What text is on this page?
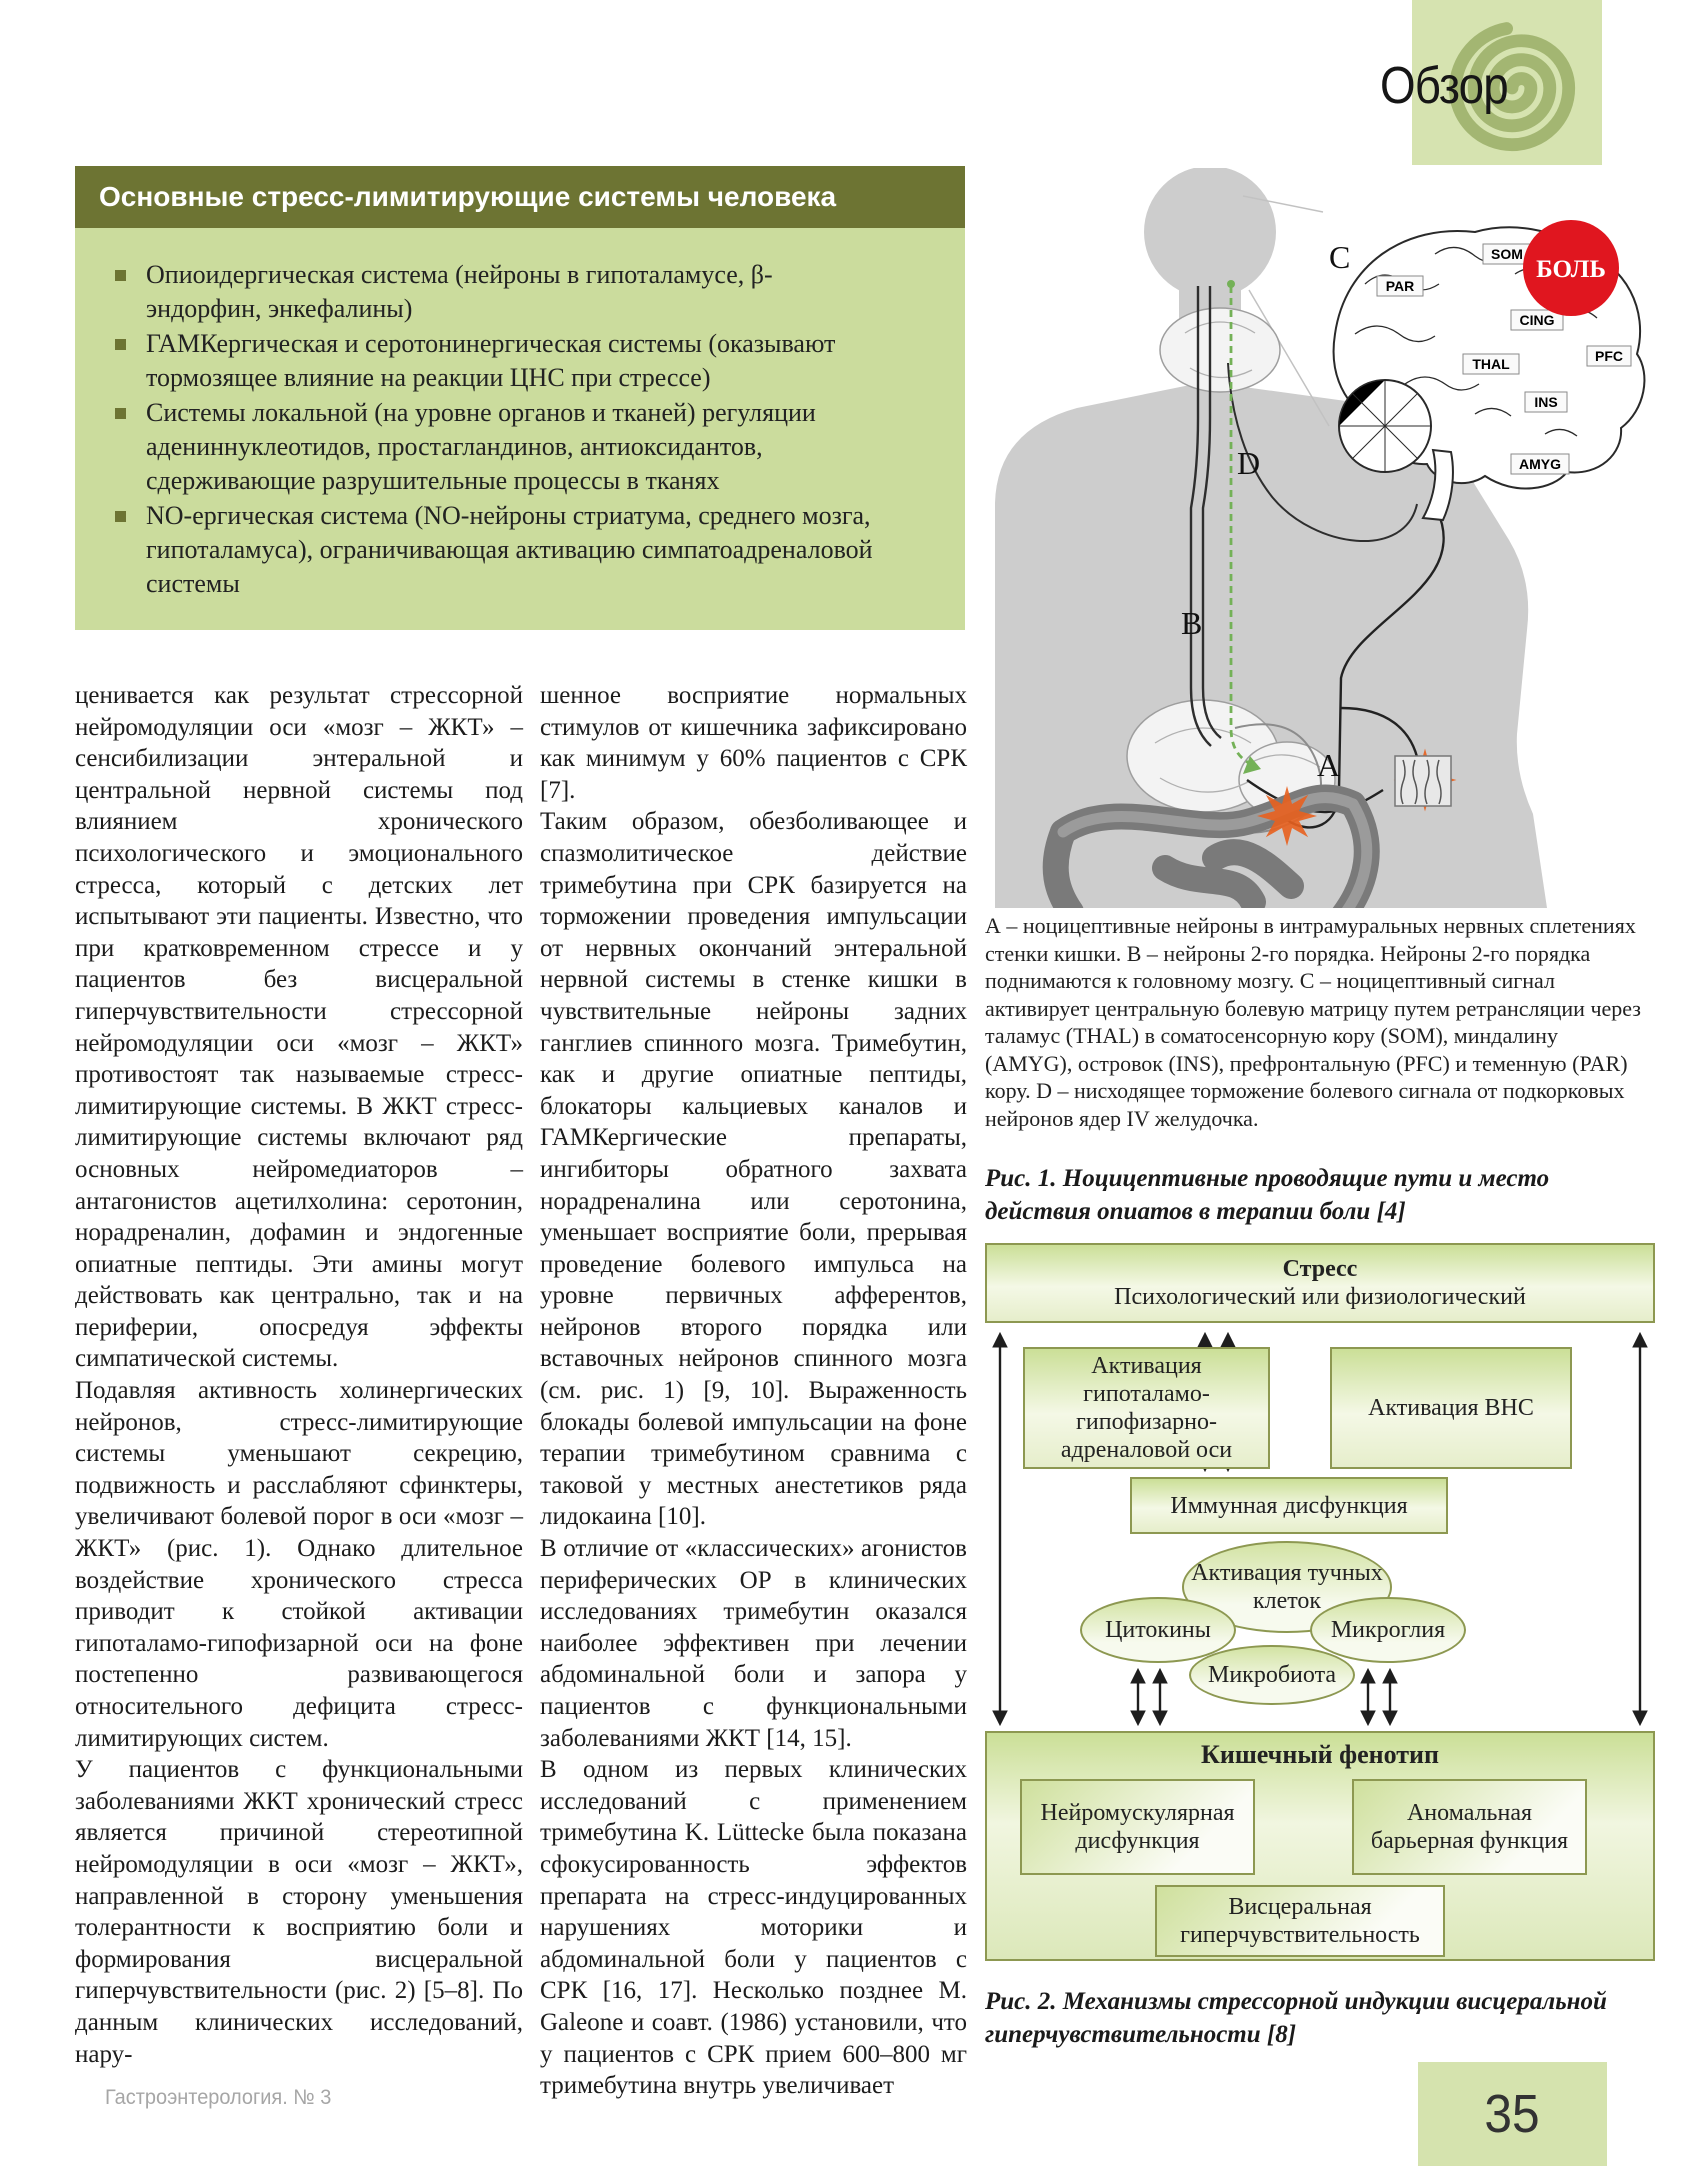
Обзор
Основные стресс-лимитирующие системы человека
Опиоидергическая система (нейроны в гипоталамусе, β-эндорфин, энкефалины)
ГАМКергическая и серотонинергическая системы (оказывают тормозящее влияние на реакции ЦНС при стрессе)
Системы локальной (на уровне органов и тканей) регуляции адениннуклеотидов, простагландинов, антиоксидантов, сдерживающие разрушительные процессы в тканях
NO-ергическая система (NO-нейроны стриатума, среднего мозга, гипоталамуса), ограничивающая активацию симпатоадреналовой системы

ценивается как результат стрессорной нейромодуляции оси «мозг – ЖКТ» – сенсибилизации энтеральной и центральной нервной системы под влиянием хронического психологического и эмоционального стресса, который с детских лет испытывают эти пациенты. Известно, что при кратковременном стрессе и у пациентов без висцеральной гиперчувствительности стрессорной нейромодуляции оси «мозг – ЖКТ» противостоят так называемые стресс-лимитирующие системы. В ЖКТ стресс-лимитирующие системы включают ряд основных нейромедиаторов – антагонистов ацетилхолина: серотонин, норадреналин, дофамин и эндогенные опиатные пептиды. Эти амины могут действовать как центрально, так и на периферии, опосредуя эффекты симпатической системы.

Подавляя активность холинергических нейронов, стресс-лимитирующие системы уменьшают секрецию, подвижность и расслабляют сфинктеры, увеличивают болевой порог в оси «мозг – ЖКТ» (рис. 1). Однако длительное воздействие хронического стресса приводит к стойкой активации гипоталамо-гипофизарной оси на фоне постепенно развивающегося относительного дефицита стресс-лимитирующих систем.

У пациентов с функциональными заболеваниями ЖКТ хронический стресс является причиной стереотипной нейромодуляции в оси «мозг – ЖКТ», направленной в сторону уменьшения толерантности к восприятию боли и формирования висцеральной гиперчувствительности (рис. 2) [5–8]. По данным клинических исследований, нару-

шенное восприятие нормальных стимулов от кишечника зафиксировано как минимум у 60% пациентов с СРК [7].

Таким образом, обезболивающее и спазмолитическое действие тримебутина при СРК базируется на торможении проведения импульсации от нервных окончаний энтеральной нервной системы в стенке кишки в чувствительные нейроны задних ганглиев спинного мозга. Тримебутин, как и другие опиатные пептиды, блокаторы кальциевых каналов и ГАМКергические препараты, ингибиторы обратного захвата норадреналина или серотонина, уменьшает восприятие боли, прерывая проведение болевого импульса на уровне первичных афферентов, нейронов второго порядка или вставочных нейронов спинного мозга (см. рис. 1) [9, 10]. Выраженность блокады болевой импульсации на фоне терапии тримебутином сравнима с таковой у местных анестетиков ряда лидокаина [10].

В отличие от «классических» агонистов периферических ОР в клинических исследованиях тримебутин оказался наиболее эффективен при лечении абдоминальной боли и запора у пациентов с функциональными заболеваниями ЖКТ [14, 15].

В одном из первых клинических исследований с применением тримебутина K. Lüttecke была показана сфокусированность эффектов препарата на стресс-индуцированных нарушениях моторики и абдоминальной боли у пациентов с СРК [16, 17]. Несколько позднее M. Galeone и соавт. (1986) установили, что у пациентов с СРК прием 600–800 мг тримебутина внутрь увеличивает

PAR
SOM
CING
THAL
INS
PFC
AMYG
A
B
C
D
БОЛЬ
А – ноцицептивные нейроны в интрамуральных нервных сплетениях стенки кишки. B – нейроны 2-го порядка. Нейроны 2-го порядка поднимаются к головному мозгу. C – ноцицептивный сигнал активирует центральную болевую матрицу путем ретрансляции через таламус (THAL) в соматосенсорную кору (SOM), миндалину (AMYG), островок (INS), префронтальную (PFC) и теменную (PAR) кору. D – нисходящее торможение болевого сигнала от подкорковых нейронов ядер IV желудочка.
Рис. 1. Ноцицептивные проводящие пути и место действия опиатов в терапии боли [4]
Стресс
Психологический или физиологический
Активация гипоталамо-гипофизарно-адреналовой оси
Активация ВНС
Иммунная дисфункция
Активация тучных клеток
Цитокины	Микроглия
Микробиота
Кишечный фенотип
Нейромускулярная дисфункция
Аномальная барьерная функция
Висцеральная гиперчувствительность
Рис. 2. Механизмы стрессорной индукции висцеральной гиперчувствительности [8]
Гастроэнтерология. № 3	35
